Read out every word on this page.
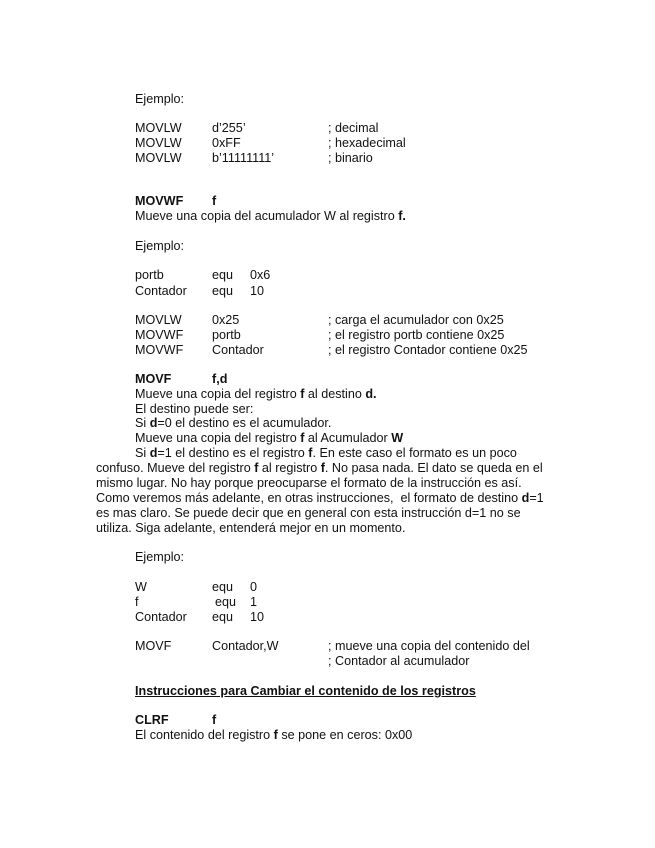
Ejemplo:
MOVLW d’255’	; decimal
MOVLW 0xFF	; hexadecimal
MOVLW b’11111111’	; binario
MOVWF f
Mueve una copia del acumulador W al registro f.
Ejemplo:
portb	equ 0x6
Contador equ 10
MOVLW 0x25	; carga el acumulador con 0x25
MOVWF portb	; el registro portb contiene 0x25
MOVWF Contador	; el registro Contador contiene 0x25
MOVF	f,d
Mueve una copia del registro f al destino d.
El destino puede ser:
Si d=0 el destino es el acumulador.
Mueve una copia del registro f al Acumulador W
Si d=1 el destino es el registro f. En este caso el formato es un poco
confuso. Mueve del registro f al registro f. No pasa nada. El dato se queda en el
mismo lugar. No hay porque preocuparse el formato de la instrucción es así.
Como veremos más adelante, en otras instrucciones,  el formato de destino d=1
es mas claro. Se puede decir que en general con esta instrucción d=1 no se
utiliza. Siga adelante, entenderá mejor en un momento.
Ejemplo:
W	equ 0
f	equ 1
Contador equ 10
MOVF	Contador,W	; mueve una copia del contenido del
; Contador al acumulador
Instrucciones para Cambiar el contenido de los registros
CLRF	f
El contenido del registro f se pone en ceros: 0x00
